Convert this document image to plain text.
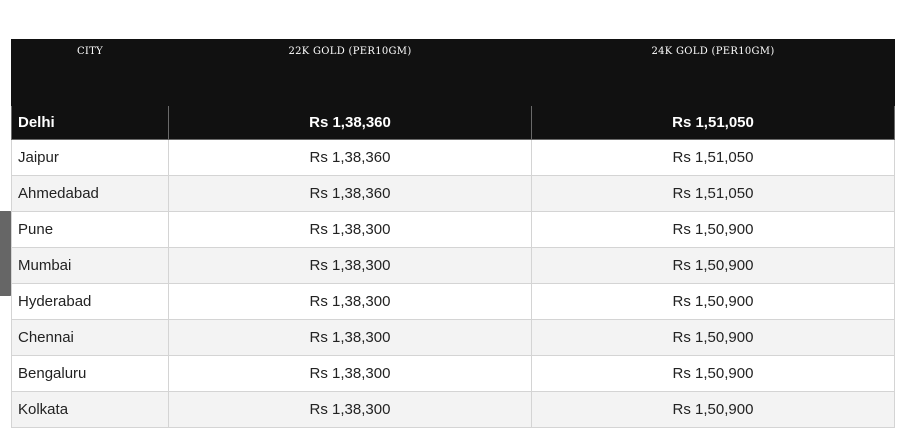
CITY	22K GOLD (PER10GM)	24K GOLD (PER10GM)
Delhi	Rs 1,38,360	Rs 1,51,050
Jaipur	Rs 1,38,360	Rs 1,51,050
Ahmedabad	Rs 1,38,360	Rs 1,51,050
Pune	Rs 1,38,300	Rs 1,50,900
Mumbai	Rs 1,38,300	Rs 1,50,900
Hyderabad	Rs 1,38,300	Rs 1,50,900
Chennai	Rs 1,38,300	Rs 1,50,900
Bengaluru	Rs 1,38,300	Rs 1,50,900
Kolkata	Rs 1,38,300	Rs 1,50,900
